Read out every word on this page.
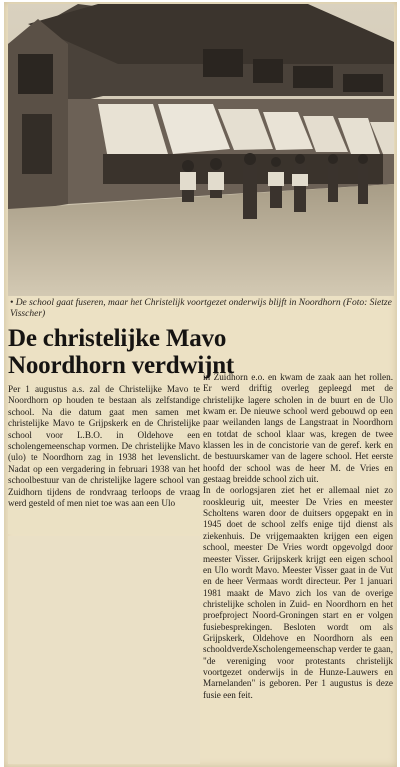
• De school gaat fuseren, maar het Christelijk voortgezet onderwijs blijft in Noordhorn (Foto: Sietze Visscher)
De christelijke Mavo
Noordhorn verdwijnt

Per 1 augustus a.s. zal de Christelijke Mavo te Noordhorn op houden te bestaan als zelfstandige school. Na die datum gaat men samen met christelijke Mavo te Grijpskerk en de Christelijke school voor L.B.O. in Oldehove een scholengemeenschap vormen. De christelijke Mavo (ulo) te Noordhorn zag in 1938 het levenslicht. Nadat op een vergadering in februari 1938 van het schoolbestuur van de christelijke lagere school van Zuidhorn tijdens de rondvraag terloops de vraag werd gesteld of men niet toe was aan een Ulo

in Zuidhorn e.o. en kwam de zaak aan het rollen. Er werd driftig overleg gepleegd met de christelijke lagere scholen in de buurt en de Ulo kwam er. De nieuwe school werd gebouwd op een paar weilanden langs de Langstraat in Noordhorn en totdat de school klaar was, kregen de twee klassen les in de concistorie van de geref. kerk en de bestuurskamer van de lagere school. Het eerste hoofd der school was de heer M. de Vries en gestaag breidde school zich uit.

In de oorlogsjaren ziet het er allemaal niet zo rooskleurig uit, meester De Vries en meester Scholtens waren door de duitsers opgepakt en in 1945 doet de school zelfs enige tijd dienst als ziekenhuis. De vrijgemaakten krijgen een eigen school, meester De Vries wordt opgevolgd door meester Visser. Grijpskerk krijgt een eigen school en Ulo wordt Mavo. Meester Visser gaat in de Vut en de heer Vermaas wordt directeur. Per 1 januari 1981 maakt de Mavo zich los van de overige christelijke scholen in Zuid- en Noordhorn en het proefproject Noord-Groningen start en er volgen fusiebesprekingen. Besloten wordt om als Grijpskerk, Oldehove en Noordhorn als een schooldverdeXscholengemeenschap verder te gaan, "de vereniging voor protestants christelijk voortgezet onderwijs in de Hunze-Lauwers en Marnelanden" is geboren. Per 1 augustus is deze fusie een feit.
